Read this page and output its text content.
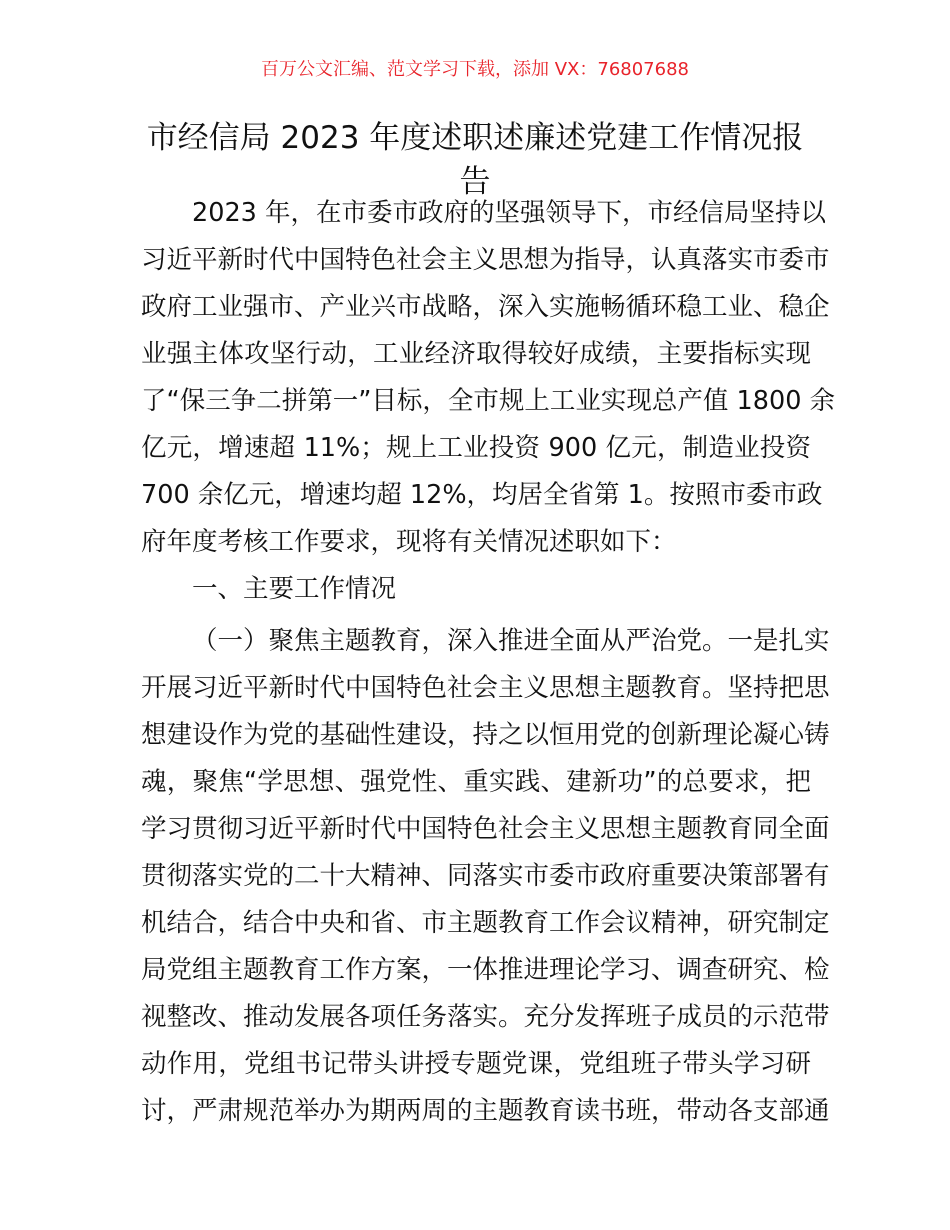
百万公文汇编、范文学习下载，添加 VX：76807688
市经信局 2023 年度述职述廉述党建工作情况报
告
2023 年，在市委市政府的坚强领导下，市经信局坚持以
习近平新时代中国特色社会主义思想为指导，认真落实市委市
政府工业强市、产业兴市战略，深入实施畅循环稳工业、稳企
业强主体攻坚行动，工业经济取得较好成绩，主要指标实现
了“保三争二拼第一”目标，全市规上工业实现总产值 1800 余
亿元，增速超 11%；规上工业投资 900 亿元，制造业投资
700 余亿元，增速均超 12%，均居全省第 1。按照市委市政
府年度考核工作要求，现将有关情况述职如下：
一、主要工作情况
（一）聚焦主题教育，深入推进全面从严治党。一是扎实
开展习近平新时代中国特色社会主义思想主题教育。坚持把思
想建设作为党的基础性建设，持之以恒用党的创新理论凝心铸
魂，聚焦“学思想、强党性、重实践、建新功”的总要求，把
学习贯彻习近平新时代中国特色社会主义思想主题教育同全面
贯彻落实党的二十大精神、同落实市委市政府重要决策部署有
机结合，结合中央和省、市主题教育工作会议精神，研究制定
局党组主题教育工作方案，一体推进理论学习、调查研究、检
视整改、推动发展各项任务落实。充分发挥班子成员的示范带
动作用，党组书记带头讲授专题党课，党组班子带头学习研
讨，严肃规范举办为期两周的主题教育读书班，带动各支部通
